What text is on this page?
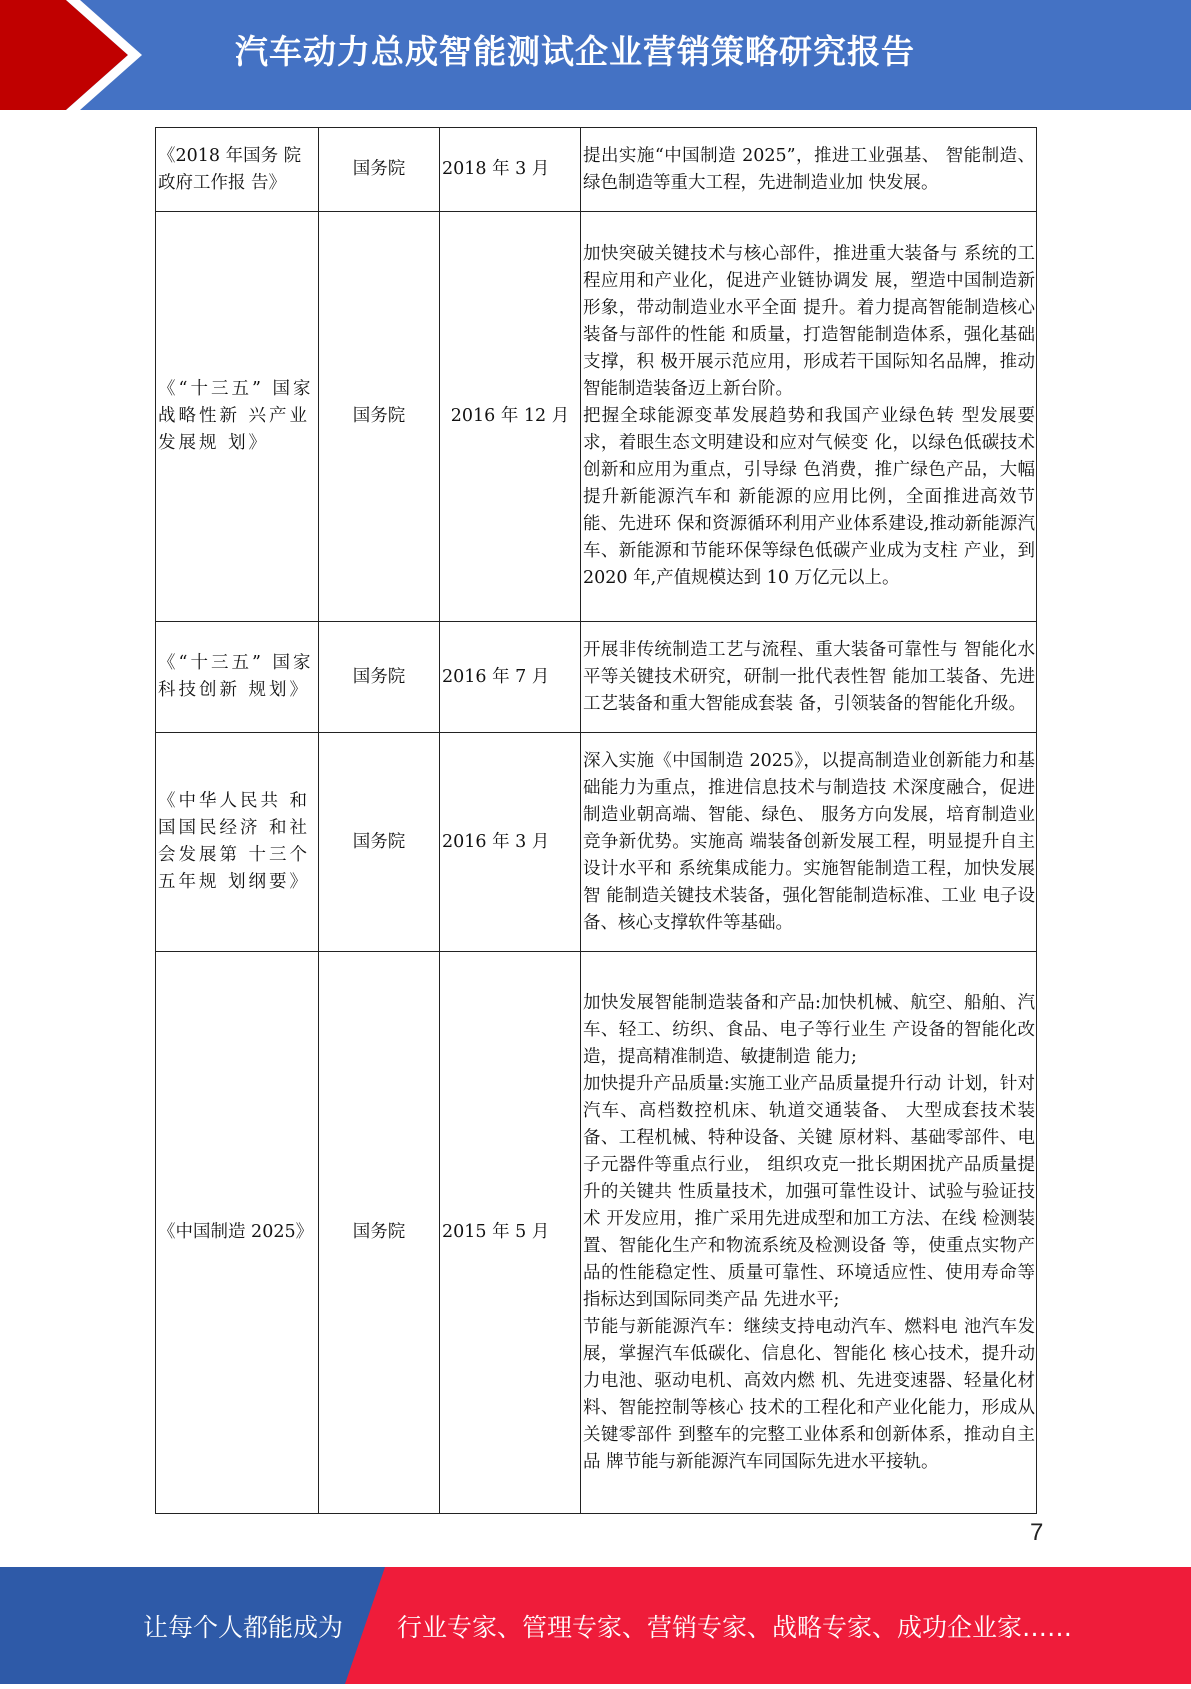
汽车动力总成智能测试企业营销策略研究报告
《2018 年国务 院政府工作报 告》	国务院	2018 年 3 月	提出实施“中国制造 2025”，推进工业强基、 智能制造、绿色制造等重大工程，先进制造业加 快发展。

《“十三五” 国家战略性新 兴产业发展规 划》	国务院	2016 年 12 月	加快突破关键技术与核心部件，推进重大装备与 系统的工程应用和产业化，促进产业链协调发 展，塑造中国制造新形象，带动制造业水平全面 提升。着力提高智能制造核心装备与部件的性能 和质量，打造智能制造体系，强化基础支撑，积 极开展示范应用，形成若干国际知名品牌，推动 智能制造装备迈上新台阶。

把握全球能源变革发展趋势和我国产业绿色转 型发展要求，着眼生态文明建设和应对气候变 化，以绿色低碳技术创新和应用为重点，引导绿 色消费，推广绿色产品，大幅提升新能源汽车和 新能源的应用比例，全面推进高效节能、先进环 保和资源循环利用产业体系建设,推动新能源汽 车、新能源和节能环保等绿色低碳产业成为支柱 产业，到 2020 年,产值规模达到 10 万亿元以上。

《“十三五” 国家科技创新 规划》	国务院	2016 年 7 月	开展非传统制造工艺与流程、重大装备可靠性与 智能化水平等关键技术研究，研制一批代表性智 能加工装备、先进工艺装备和重大智能成套装 备，引领装备的智能化升级。

《中华人民共 和国国民经济 和社会发展第 十三个五年规 划纲要》	国务院	2016 年 3 月	深入实施《中国制造 2025》，以提高制造业创新能力和基础能力为重点，推进信息技术与制造技 术深度融合，促进制造业朝高端、智能、绿色、 服务方向发展，培育制造业竞争新优势。实施高 端装备创新发展工程，明显提升自主设计水平和 系统集成能力。实施智能制造工程，加快发展智 能制造关键技术装备，强化智能制造标准、工业 电子设备、核心支撑软件等基础。

《中国制造 2025》	国务院	2015 年 5 月	加快发展智能制造装备和产品:加快机械、航空、船舶、汽车、轻工、纺织、食品、电子等行业生 产设备的智能化改造，提高精准制造、敏捷制造 能力;

加快提升产品质量:实施工业产品质量提升行动 计划，针对汽车、高档数控机床、轨道交通装备、 大型成套技术装备、工程机械、特种设备、关键 原材料、基础零部件、电子元器件等重点行业， 组织攻克一批长期困扰产品质量提升的关键共 性质量技术，加强可靠性设计、试验与验证技术 开发应用，推广采用先进成型和加工方法、在线 检测装置、智能化生产和物流系统及检测设备 等，使重点实物产品的性能稳定性、质量可靠性、环境适应性、使用寿命等指标达到国际同类产品 先进水平;

节能与新能源汽车：继续支持电动汽车、燃料电 池汽车发展，掌握汽车低碳化、信息化、智能化 核心技术，提升动力电池、驱动电机、高效内燃 机、先进变速器、轻量化材料、智能控制等核心 技术的工程化和产业化能力，形成从关键零部件 到整车的完整工业体系和创新体系，推动自主品 牌节能与新能源汽车同国际先进水平接轨。

7
让每个人都能成为 行业专家、管理专家、营销专家、战略专家、成功企业家……
